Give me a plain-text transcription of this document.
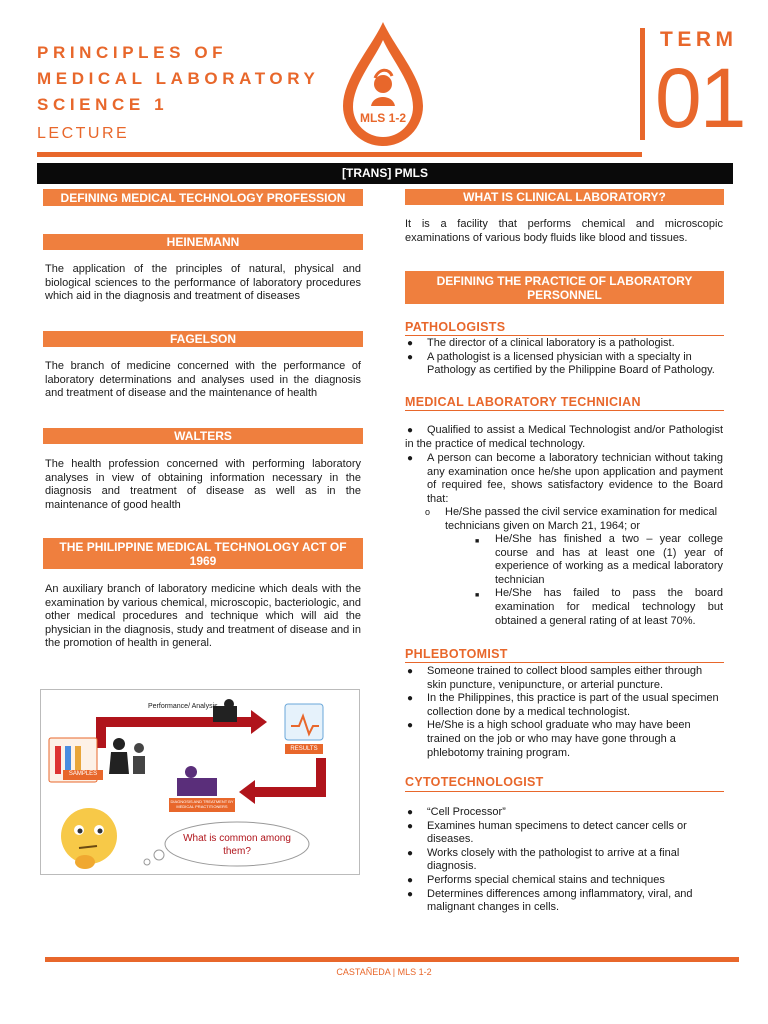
PRINCIPLES OF
MEDICAL LABORATORY
SCIENCE 1
LECTURE
MLS 1-2
TERM
01
[TRANS] PMLS
DEFINING MEDICAL TECHNOLOGY PROFESSION
HEINEMANN
The application of the principles of natural, physical and biological sciences to the performance of laboratory procedures which aid in the diagnosis and treatment of diseases
FAGELSON
The branch of medicine concerned with the performance of laboratory determinations and analyses used in the diagnosis and treatment of disease and the maintenance of health
WALTERS
The health profession concerned with performing laboratory analyses in view of obtaining information necessary in the diagnosis and treatment of disease as well as in the maintenance of good health
THE PHILIPPINE MEDICAL TECHNOLOGY ACT OF 1969
An auxiliary branch of laboratory medicine which deals with the examination by various chemical, microscopic, bacteriologic, and other medical procedures and technique which will aid the physician in the diagnosis, study and treatment of disease and in the promotion of health in general.
Performance/ Analysis
SAMPLES
RESULTS
DIAGNOSIS AND TREATMENT BY MEDICAL PRACTITIONERS
What is common among them?
WHAT IS CLINICAL LABORATORY?
It is a facility that performs chemical and microscopic examinations of various body fluids like blood and tissues.
DEFINING THE PRACTICE OF LABORATORY PERSONNEL
PATHOLOGISTS
● The director of a clinical laboratory is a pathologist.
● A pathologist is a licensed physician with a specialty in Pathology as certified by the Philippine Board of Pathology.
MEDICAL LABORATORY TECHNICIAN
● Qualified to assist a Medical Technologist and/or Pathologist in the practice of medical technology.
● A person can become a laboratory technician without taking any examination once he/she upon application and payment of required fee, shows satisfactory evidence to the Board that:
o He/She passed the civil service examination for medical technicians given on March 21, 1964; or
■ He/She has finished a two – year college course and has at least one (1) year of experience of working as a medical laboratory technician
■ He/She has failed to pass the board examination for medical technology but obtained a general rating of at least 70%.
PHLEBOTOMIST
● Someone trained to collect blood samples either through skin puncture, venipuncture, or arterial puncture.
● In the Philippines, this practice is part of the usual specimen collection done by a medical technologist.
● He/She is a high school graduate who may have been trained on the job or who may have gone through a phlebotomy training program.
CYTOTECHNOLOGIST
● “Cell Processor”
● Examines human specimens to detect cancer cells or diseases.
● Works closely with the pathologist to arrive at a final diagnosis.
● Performs special chemical stains and techniques
● Determines differences among inflammatory, viral, and malignant changes in cells.
CASTAÑEDA | MLS 1-2
